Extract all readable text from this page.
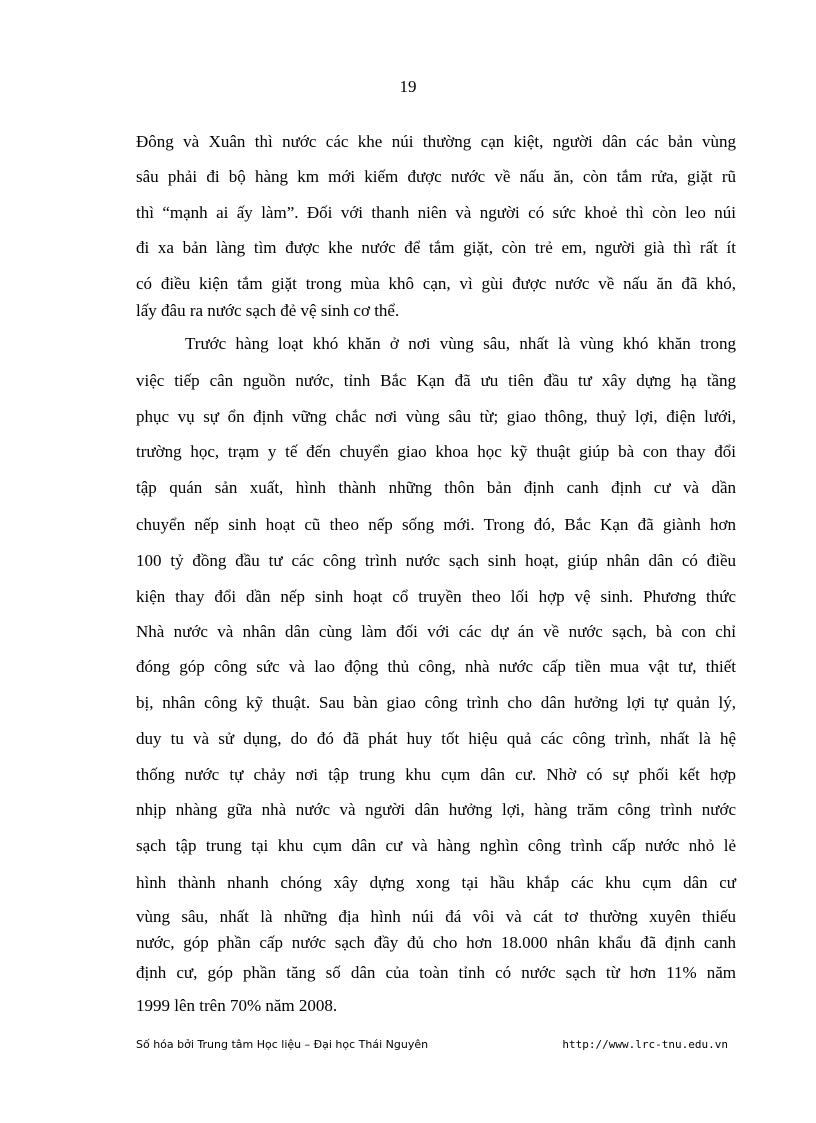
19
Đông và Xuân thì nước các khe núi thường cạn kiệt, người dân các bản vùng
sâu phải đi bộ hàng km mới kiếm được nước về nấu ăn, còn tắm rửa, giặt rũ
thì “mạnh ai ấy làm”. Đối với thanh niên và người có sức khoẻ thì còn leo núi
đi xa bản làng tìm được khe nước để tắm giặt, còn trẻ em, người già thì rất ít
có điều kiện tắm giặt trong mùa khô cạn, vì gùi được nước về nấu ăn đã khó,
lấy đâu ra nước sạch đẻ vệ sinh cơ thể.
Trước hàng loạt khó khăn ở nơi vùng sâu, nhất là vùng khó khăn trong
việc tiếp cân nguồn nước, tỉnh Bắc Kạn đã ưu tiên đầu tư xây dựng hạ tầng
phục vụ sự ổn định vững chắc nơi vùng sâu từ; giao thông, thuỷ lợi, điện lưới,
trường học, trạm y tế đến chuyển giao khoa học kỹ thuật giúp bà con thay đổi
tập quán sản xuất, hình thành những thôn bản định canh định cư và dần
chuyển nếp sinh hoạt cũ theo nếp sống mới. Trong đó, Bắc Kạn đã giành hơn
100 tỷ đồng đầu tư các công trình nước sạch sinh hoạt, giúp nhân dân có điều
kiện thay đổi dần nếp sinh hoạt cổ truyền theo lối hợp vệ sinh. Phương thức
Nhà nước và nhân dân cùng làm đối với các dự án về nước sạch, bà con chỉ
đóng góp công sức và lao động thủ công, nhà nước cấp tiền mua vật tư, thiết
bị, nhân công kỹ thuật. Sau bàn giao công trình cho dân hưởng lợi tự quản lý,
duy tu và sử dụng, do đó đã phát huy tốt hiệu quả các công trình, nhất là hệ
thống nước tự chảy nơi tập trung khu cụm dân cư. Nhờ có sự phối kết hợp
nhịp nhàng gữa nhà nước và người dân hưởng lợi, hàng trăm công trình nước
sạch tập trung tại khu cụm dân cư và hàng nghìn công trình cấp nước nhỏ lẻ
hình thành nhanh chóng xây dựng xong tại hầu khắp các khu cụm dân cư
vùng sâu, nhất là những địa hình núi đá vôi và cát tơ thường xuyên thiếu
nước, góp phần cấp nước sạch đầy đủ cho hơn 18.000 nhân khẩu đã định canh
định cư, góp phần tăng số dân của toàn tỉnh có nước sạch từ hơn 11% năm
1999 lên trên 70% năm 2008.
Số hóa bởi Trung tâm Học liệu – Đại học Thái Nguyên	http://www.lrc-tnu.edu.vn
